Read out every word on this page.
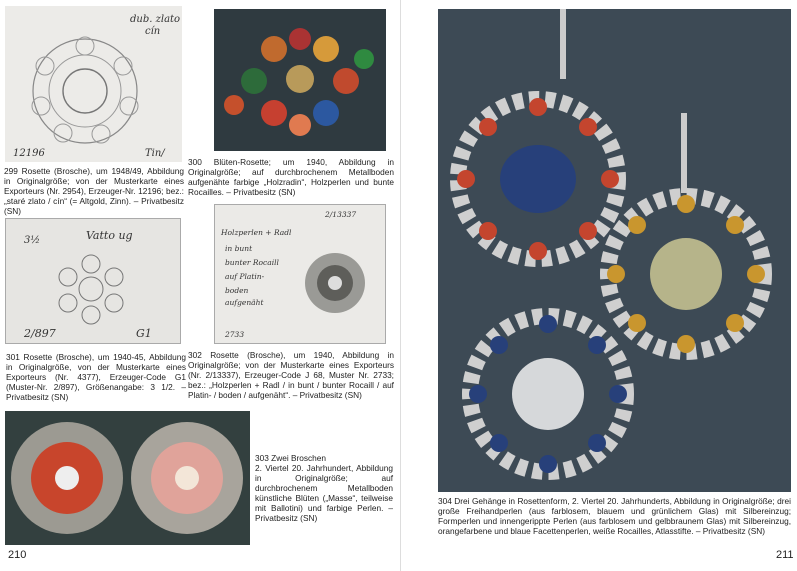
dub. zlato
cín
12196	Tin/
299 Rosette (Brosche), um 1948/49, Abbildung in Originalgröße; von der Musterkarte eines Exporteurs (Nr. 2954), Erzeuger-Nr. 12196; bez.: „staré zlato / cín“ (= Altgold, Zinn). – Privatbesitz (SN)
300 Blüten-Rosette; um 1940, Abbildung in Originalgröße; auf durchbrochenem Metallboden aufgenähte farbige „Holzradin“, Holzperlen und bunte Rocailles. – Privatbesitz (SN)
3½	Vatto ug
2/897	G1
301 Rosette (Brosche), um 1940-45, Abbildung in Originalgröße, von der Musterkarte eines Exporteurs (Nr. 4377), Erzeuger-Code G1 (Muster-Nr. 2/897), Größenangabe: 3 1/2. – Privatbesitz (SN)
Holzperlen + Radl
in bunt
bunter Rocaill
auf Platin-
boden
aufgenäht
2/13337
2733
302 Rosette (Brosche), um 1940, Abbildung in Originalgröße; von der Musterkarte eines Exporteurs (Nr. 2/13337), Erzeuger-Code J 68, Muster Nr. 2733; bez.: „Holzperlen + Radl / in bunt / bunter Rocaill / auf Platin- / boden / aufgenäht“. – Privatbesitz (SN)
303 Zwei Broschen
2. Viertel 20. Jahrhundert, Abbildung in Originalgröße; auf durchbrochenem Metallboden künstliche Blüten („Masse“, teilweise mit Ballotini) und farbige Perlen. – Privatbesitz (SN)
210
304 Drei Gehänge in Rosettenform, 2. Viertel 20. Jahrhunderts, Abbildung in Originalgröße; drei große Freihandperlen (aus farblosem, blauem und grünlichem Glas) mit Silbereinzug; Formperlen und innengerippte Perlen (aus farblosem und gelbbraunem Glas) mit Silbereinzug, orangefarbene und blaue Facettenperlen, weiße Rocailles, Atlasstifte. – Privatbesitz (SN)
211
